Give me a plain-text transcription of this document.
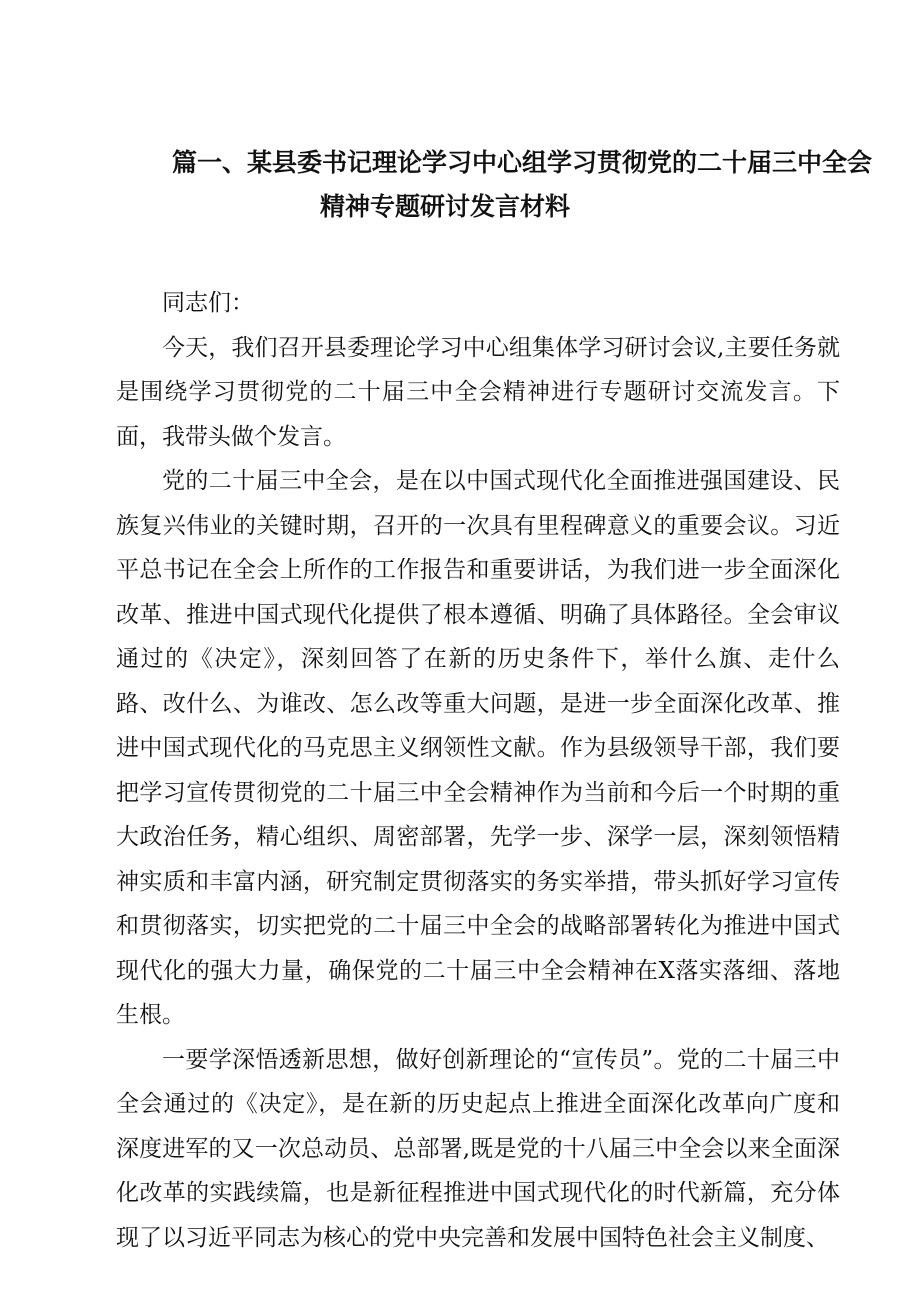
篇一、某县委书记理论学习中心组学习贯彻党的二十届三中全会
精神专题研讨发言材料

同志们：

今天，我们召开县委理论学习中心组集体学习研讨会议,主要任务就是围绕学习贯彻党的二十届三中全会精神进行专题研讨交流发言。下面，我带头做个发言。

党的二十届三中全会，是在以中国式现代化全面推进强国建设、民族复兴伟业的关键时期，召开的一次具有里程碑意义的重要会议。习近平总书记在全会上所作的工作报告和重要讲话，为我们进一步全面深化改革、推进中国式现代化提供了根本遵循、明确了具体路径。全会审议通过的《决定》，深刻回答了在新的历史条件下，举什么旗、走什么路、改什么、为谁改、怎么改等重大问题，是进一步全面深化改革、推进中国式现代化的马克思主义纲领性文献。作为县级领导干部，我们要把学习宣传贯彻党的二十届三中全会精神作为当前和今后一个时期的重大政治任务，精心组织、周密部署，先学一步、深学一层，深刻领悟精神实质和丰富内涵，研究制定贯彻落实的务实举措，带头抓好学习宣传和贯彻落实，切实把党的二十届三中全会的战略部署转化为推进中国式现代化的强大力量，确保党的二十届三中全会精神在X落实落细、落地生根。

一要学深悟透新思想，做好创新理论的“宣传员”。党的二十届三中全会通过的《决定》，是在新的历史起点上推进全面深化改革向广度和深度进军的又一次总动员、总部署,既是党的十八届三中全会以来全面深化改革的实践续篇，也是新征程推进中国式现代化的时代新篇，充分体现了以习近平同志为核心的党中央完善和发展中国特色社会主义制度、
